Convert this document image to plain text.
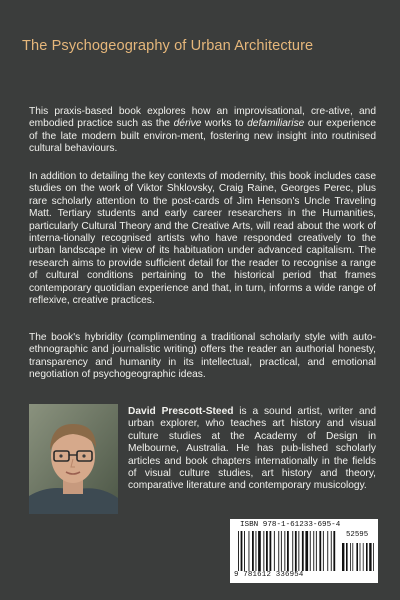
The Psychogeography of Urban Architecture

This praxis-based book explores how an improvisational, cre-ative, and embodied practice such as the dérive works to defamiliarise our experience of the late modern built environ-ment, fostering new insight into routinised cultural behaviours.

In addition to detailing the key contexts of modernity, this book includes case studies on the work of Viktor Shklovsky, Craig Raine, Georges Perec, plus rare scholarly attention to the post-cards of Jim Henson's Uncle Traveling Matt. Tertiary students and early career researchers in the Humanities, particularly Cultural Theory and the Creative Arts, will read about the work of interna-tionally recognised artists who have responded creatively to the urban landscape in view of its habituation under advanced capitalism. The research aims to provide sufficient detail for the reader to recognise a range of cultural conditions pertaining to the historical period that frames contemporary quotidian experience and that, in turn, informs a wide range of reflexive, creative practices.

The book's hybridity (complimenting a traditional scholarly style with auto-ethnographic and journalistic writing) offers the reader an authorial honesty, transparency and humanity in its intellectual, practical, and emotional negotiation of psychogeographic ideas.

David Prescott-Steed is a sound artist, writer and urban explorer, who teaches art history and visual culture studies at the Academy of Design in Melbourne, Australia. He has pub-lished scholarly articles and book chapters internationally in the fields of visual culture studies, art history and theory, comparative literature and contemporary musicology.

ISBN 978-1-61233-695-4
52595
9 781612 336954
